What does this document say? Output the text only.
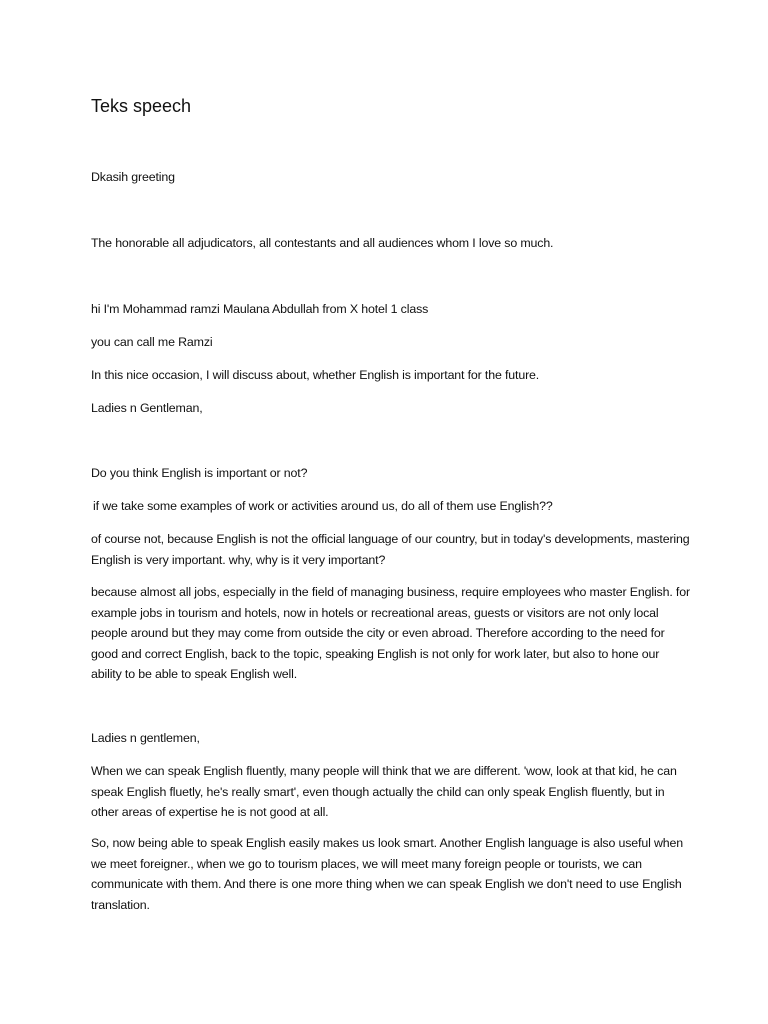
Teks speech
Dkasih greeting
The honorable all adjudicators, all contestants and all audiences whom I love so much.
hi I'm Mohammad ramzi Maulana Abdullah from X hotel 1 class
you can call me Ramzi
In this nice occasion, I will discuss about, whether English is important for the future.
Ladies n Gentleman,
Do you think English is important or not?
if we take some examples of work or activities around us, do all of them use English??
of course not, because English is not the official language of our country, but in today's developments, mastering English is very important. why, why is it very important?
because almost all jobs, especially in the field of managing business, require employees who master English. for example jobs in tourism and hotels, now in hotels or recreational areas, guests or visitors are not only local people around but they may come from outside the city or even abroad. Therefore according to the need for good and correct English, back to the topic, speaking English is not only for work later, but also to hone our ability to be able to speak English well.
Ladies n gentlemen,
When we can speak English fluently, many people will think that we are different. 'wow, look at that kid, he can speak English fluetly, he's really smart', even though actually the child can only speak English fluently, but in other areas of expertise he is not good at all.
So, now being able to speak English easily makes us look smart. Another English language is also useful when we meet foreigner., when we go to tourism places, we will meet many foreign people or tourists, we can communicate with them. And there is one more thing when we can speak English we don't need to use English translation.
